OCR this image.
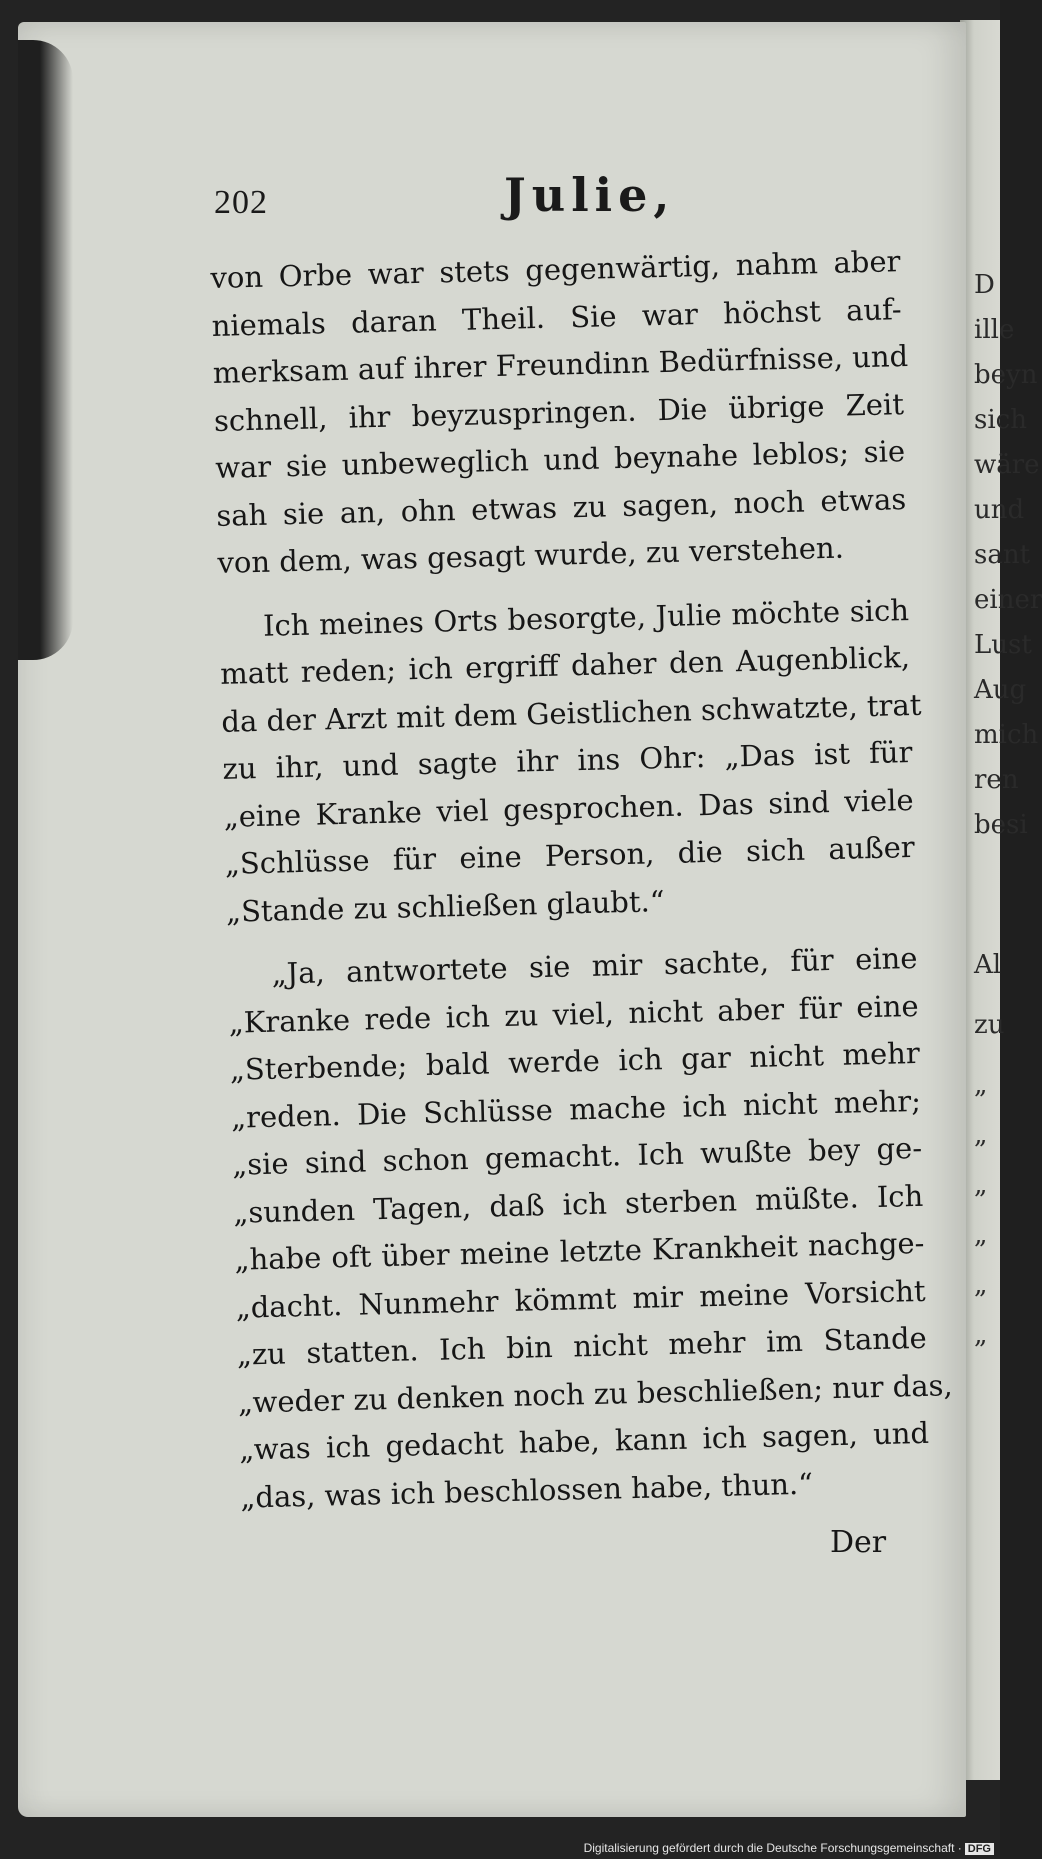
D
ille
beyn
sich
wäre
und
sant
einer
Lust
Aug
mich
ren
besi
Al
zu
„
„
„
„
„
„
202	Julie,
von Orbe war stets gegenwärtig, nahm aber
niemals daran Theil. Sie war höchst auf-
merksam auf ihrer Freundinn Bedürfnisse, und
schnell, ihr beyzuspringen. Die übrige Zeit
war sie unbeweglich und beynahe leblos; sie
sah sie an, ohn etwas zu sagen, noch etwas
von dem, was gesagt wurde, zu verstehen.
Ich meines Orts besorgte, Julie möchte sich
matt reden; ich ergriff daher den Augenblick,
da der Arzt mit dem Geistlichen schwatzte, trat
zu ihr, und sagte ihr ins Ohr: „Das ist für
„eine Kranke viel gesprochen. Das sind viele
„Schlüsse für eine Person, die sich außer
„Stande zu schließen glaubt.“
„Ja, antwortete sie mir sachte, für eine
„Kranke rede ich zu viel, nicht aber für eine
„Sterbende; bald werde ich gar nicht mehr
„reden. Die Schlüsse mache ich nicht mehr;
„sie sind schon gemacht. Ich wußte bey ge-
„sunden Tagen, daß ich sterben müßte. Ich
„habe oft über meine letzte Krankheit nachge-
„dacht. Nunmehr kömmt mir meine Vorsicht
„zu statten. Ich bin nicht mehr im Stande
„weder zu denken noch zu beschließen; nur das,
„was ich gedacht habe, kann ich sagen, und
„das, was ich beschlossen habe, thun.“
Der
Digitalisierung gefördert durch die Deutsche Forschungsgemeinschaft · DFG
